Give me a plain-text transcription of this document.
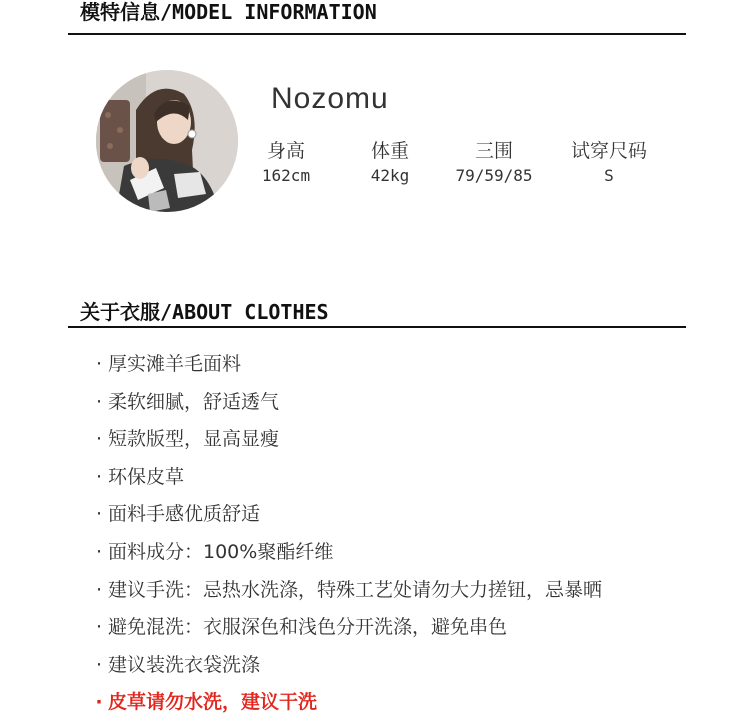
模特信息/MODEL INFORMATION
Nozomu
身高
162cm
体重
42kg
三围
79/59/85
试穿尺码
S
关于衣服/ABOUT CLOTHES
· 厚实滩羊毛面料
· 柔软细腻，舒适透气
· 短款版型，显高显瘦
· 环保皮草
· 面料手感优质舒适
· 面料成分：100%聚酯纤维
· 建议手洗：忌热水洗涤，特殊工艺处请勿大力搓钮，忌暴晒
· 避免混洗：衣服深色和浅色分开洗涤，避免串色
· 建议装洗衣袋洗涤
· 皮草请勿水洗，建议干洗
